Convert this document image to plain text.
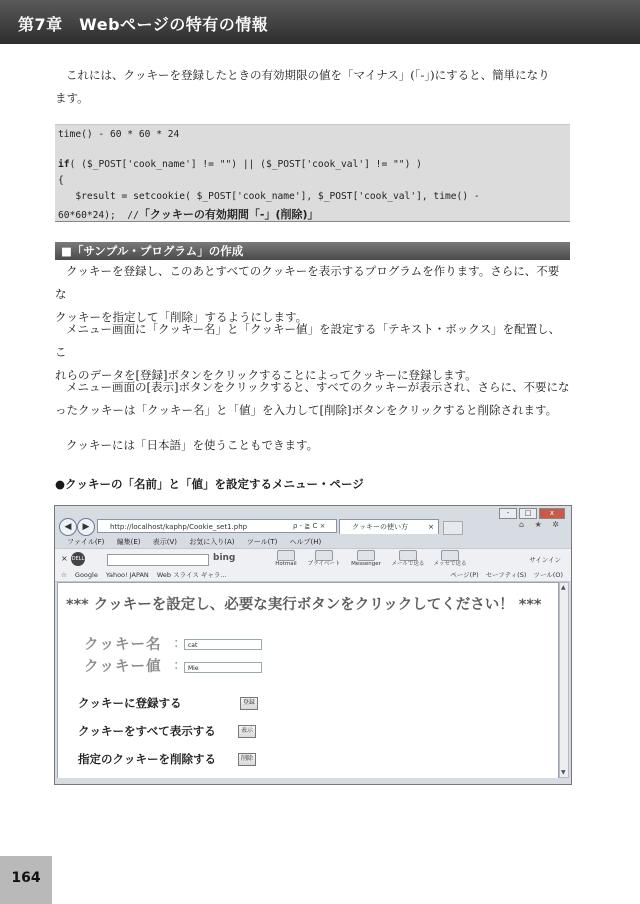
第7章　Webページの特有の情報
これには、クッキーを登録したときの有効期限の値を「マイナス」(「-」)にすると、簡単になり
ます。
time() - 60 * 60 * 24
if( ($_POST['cook_name'] != "") || ($_POST['cook_val'] != "") )
{
$result = setcookie( $_POST['cook_name'], $_POST['cook_val'], time() -
60*60*24);  //「クッキーの有効期間「-」(削除)」
■「サンプル・プログラム」の作成
クッキーを登録し、このあとすべてのクッキーを表示するプログラムを作ります。さらに、不要な
クッキーを指定して「削除」するようにします。
メニュー画面に「クッキー名」と「クッキー値」を設定する「テキスト・ボックス」を配置し、こ
れらのデータを[登録]ボタンをクリックすることによってクッキーに登録します。
メニュー画面の[表示]ボタンをクリックすると、すべてのクッキーが表示され、さらに、不要にな
ったクッキーは「クッキー名」と「値」を入力して[削除]ボタンをクリックすると削除されます。
クッキーには「日本語」を使うこともできます。
●クッキーの「名前」と「値」を設定するメニュー・ページ
-	□	x
◀	▶	http://localhost/kaphp/Cookie_set1.php	ρ - ≧ C ×	クッキーの使い方	×	⌂ ★ ✲
ファイル(F) 編集(E) 表示(V) お気に入り(A) ツール(T) ヘルプ(H)
× DELL	bing
Hotmail	プライベート	Messenger	メールで送る メッセで送る	サインイン
☆ Google Yahoo! JAPAN Web スライス ギャラ...	ページ(P) セーフティ(S) ツール(O)
*** クッキーを設定し、必要な実行ボタンをクリックしてください！ ***
クッキー名 :	cat
クッキー値 :	Mie
クッキーに登録する	登録
クッキーをすべて表示する	表示
指定のクッキーを削除する	削除
▲
▼
164
